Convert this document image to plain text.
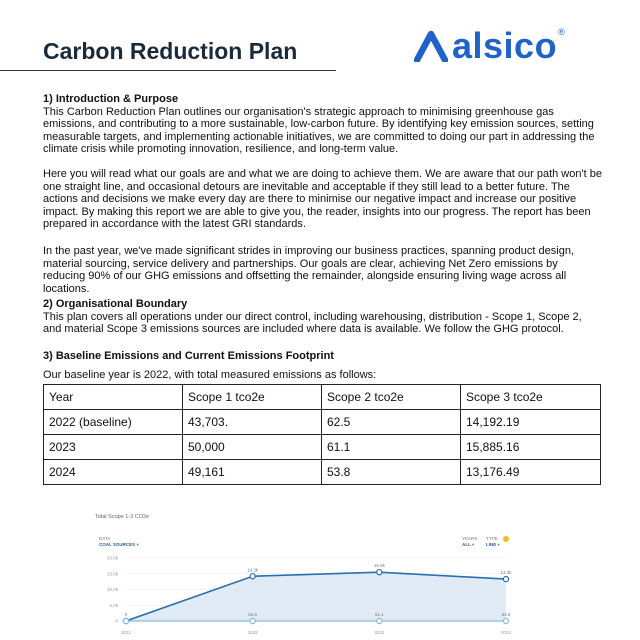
Carbon Reduction Plan	alsico ®

1) Introduction & Purpose

This Carbon Reduction Plan outlines our organisation's strategic approach to minimising greenhouse gas emissions, and contributing to a more sustainable, low-carbon future. By identifying key emission sources, setting measurable targets, and implementing actionable initiatives, we are committed to doing our part in addressing the climate crisis while promoting innovation, resilience, and long-term value.

Here you will read what our goals are and what we are doing to achieve them. We are aware that our path won't be one straight line, and occasional detours are inevitable and acceptable if they still lead to a better future. The actions and decisions we make every day are there to minimise our negative impact and increase our positive impact. By making this report we are able to give you, the reader, insights into our progress. The report has been prepared in accordance with the latest GRI standards.

In the past year, we've made significant strides in improving our business practices, spanning product design, material sourcing, service delivery and partnerships. Our goals are clear, achieving Net Zero emissions by reducing 90% of our GHG emissions and offsetting the remainder, alongside ensuring living wage across all locations.

2) Organisational Boundary

This plan covers all operations under our direct control, including warehousing, distribution - Scope 1, Scope 2, and material Scope 3 emissions sources are included where data is available. We follow the GHG protocol.

3) Baseline Emissions and Current Emissions Footprint

Our baseline year is 2022, with total measured emissions as follows:

Year	Scope 1 tco2e	Scope 2 tco2e	Scope 3 tco2e
2022 (baseline)	43,703.	62.5	14,192.19
2023	50,000	61.1	15,885.16
2024	49,161	53.8	13,176.49
Total Scope 1-3 CO2e
DATA
COAL SOURCES ▾
YEARS
ALL ▾
TYPE
LINE ▾
20.0k
15.0k
10.0k
5.0k
0
2021	2022	2023	2024
0
14.2k
15.5k
13.3k
62.5	61.1	53.8
